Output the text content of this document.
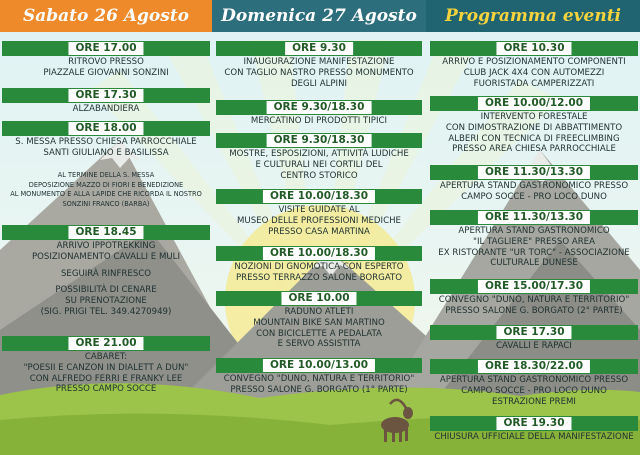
Sabato 26 Agosto	Domenica 27 Agosto	Programma eventi
ORE 17.00
RITROVO PRESSO
PIAZZALE GIOVANNI SONZINI
ORE 17.30
ALZABANDIERA
ORE 18.00
S. MESSA PRESSO CHIESA PARROCCHIALE
SANTI GIULIANO E BASILISSA
AL TERMINE DELLA S. MESSA
DEPOSIZIONE MAZZO DI FIORI E BENEDIZIONE
AL MONUMENTO E ALLA LAPIDE CHE RICORDA IL NOSTRO
SONZINI FRANCO (BARBA)
ORE 18.45
ARRIVO IPPOTREKKING
POSIZIONAMENTO CAVALLI E MULI
SEGUIRÀ RINFRESCO
POSSIBILITÀ DI CENARE
SU PRENOTAZIONE
(SIG. PRIGI TEL. 349.4270949)
ORE 21.00
CABARET:
"POESII E CANZON IN DIALETT A DUN"
CON ALFREDO FERRI E FRANKY LEE
PRESSO CAMPO SOCCE
ORE 9.30
INAUGURAZIONE MANIFESTAZIONE
CON TAGLIO NASTRO PRESSO MONUMENTO
DEGLI ALPINI
ORE 9.30/18.30
MERCATINO DI PRODOTTI TIPICI
ORE 9.30/18.30
MOSTRE, ESPOSIZIONI, ATTIVITÀ LUDICHE
E CULTURALI NEI CORTILI DEL
CENTRO STORICO
ORE 10.00/18.30
VISITE GUIDATE AL
MUSEO DELLE PROFESSIONI MEDICHE
PRESSO CASA MARTINA
ORE 10.00/18.30
NOZIONI DI GNOMOTICA CON ESPERTO
PRESSO TERRAZZO SALONE BORGATO
ORE 10.00
RADUNO ATLETI
MOUNTAIN BIKE SAN MARTINO
CON BICICLETTE A PEDALATA
E SERVO ASSISTITA
ORE 10.00/13.00
CONVEGNO "DUNO, NATURA E TERRITORIO"
PRESSO SALONE G. BORGATO (1° PARTE)
ORE 10.30
ARRIVO E POSIZIONAMENTO COMPONENTI
CLUB JACK 4X4 CON AUTOMEZZI
FUORISTADA CAMPERIZZATI
ORE 10.00/12.00
INTERVENTO FORESTALE
CON DIMOSTRAZIONE DI ABBATTIMENTO
ALBERI CON TECNICA DI FREECLIMBING
PRESSO AREA CHIESA PARROCCHIALE
ORE 11.30/13.30
APERTURA STAND GASTRONOMICO PRESSO
CAMPO SOCCE - PRO LOCO DUNO
ORE 11.30/13.30
APERTURA STAND GASTRONOMICO
"IL TAGLIERE" PRESSO AREA
EX RISTORANTE "UR TORC" - ASSOCIAZIONE
CULTURALE DUNESE
ORE 15.00/17.30
CONVEGNO "DUNO, NATURA E TERRITORIO"
PRESSO SALONE G. BORGATO (2° PARTE)
ORE 17.30
CAVALLI E RAPACI
ORE 18.30/22.00
APERTURA STAND GASTRONOMICO PRESSO
CAMPO SOCCE - PRO LOCO DUNO
ESTRAZIONE PREMI
ORE 19.30
CHIUSURA UFFICIALE DELLA MANIFESTAZIONE
